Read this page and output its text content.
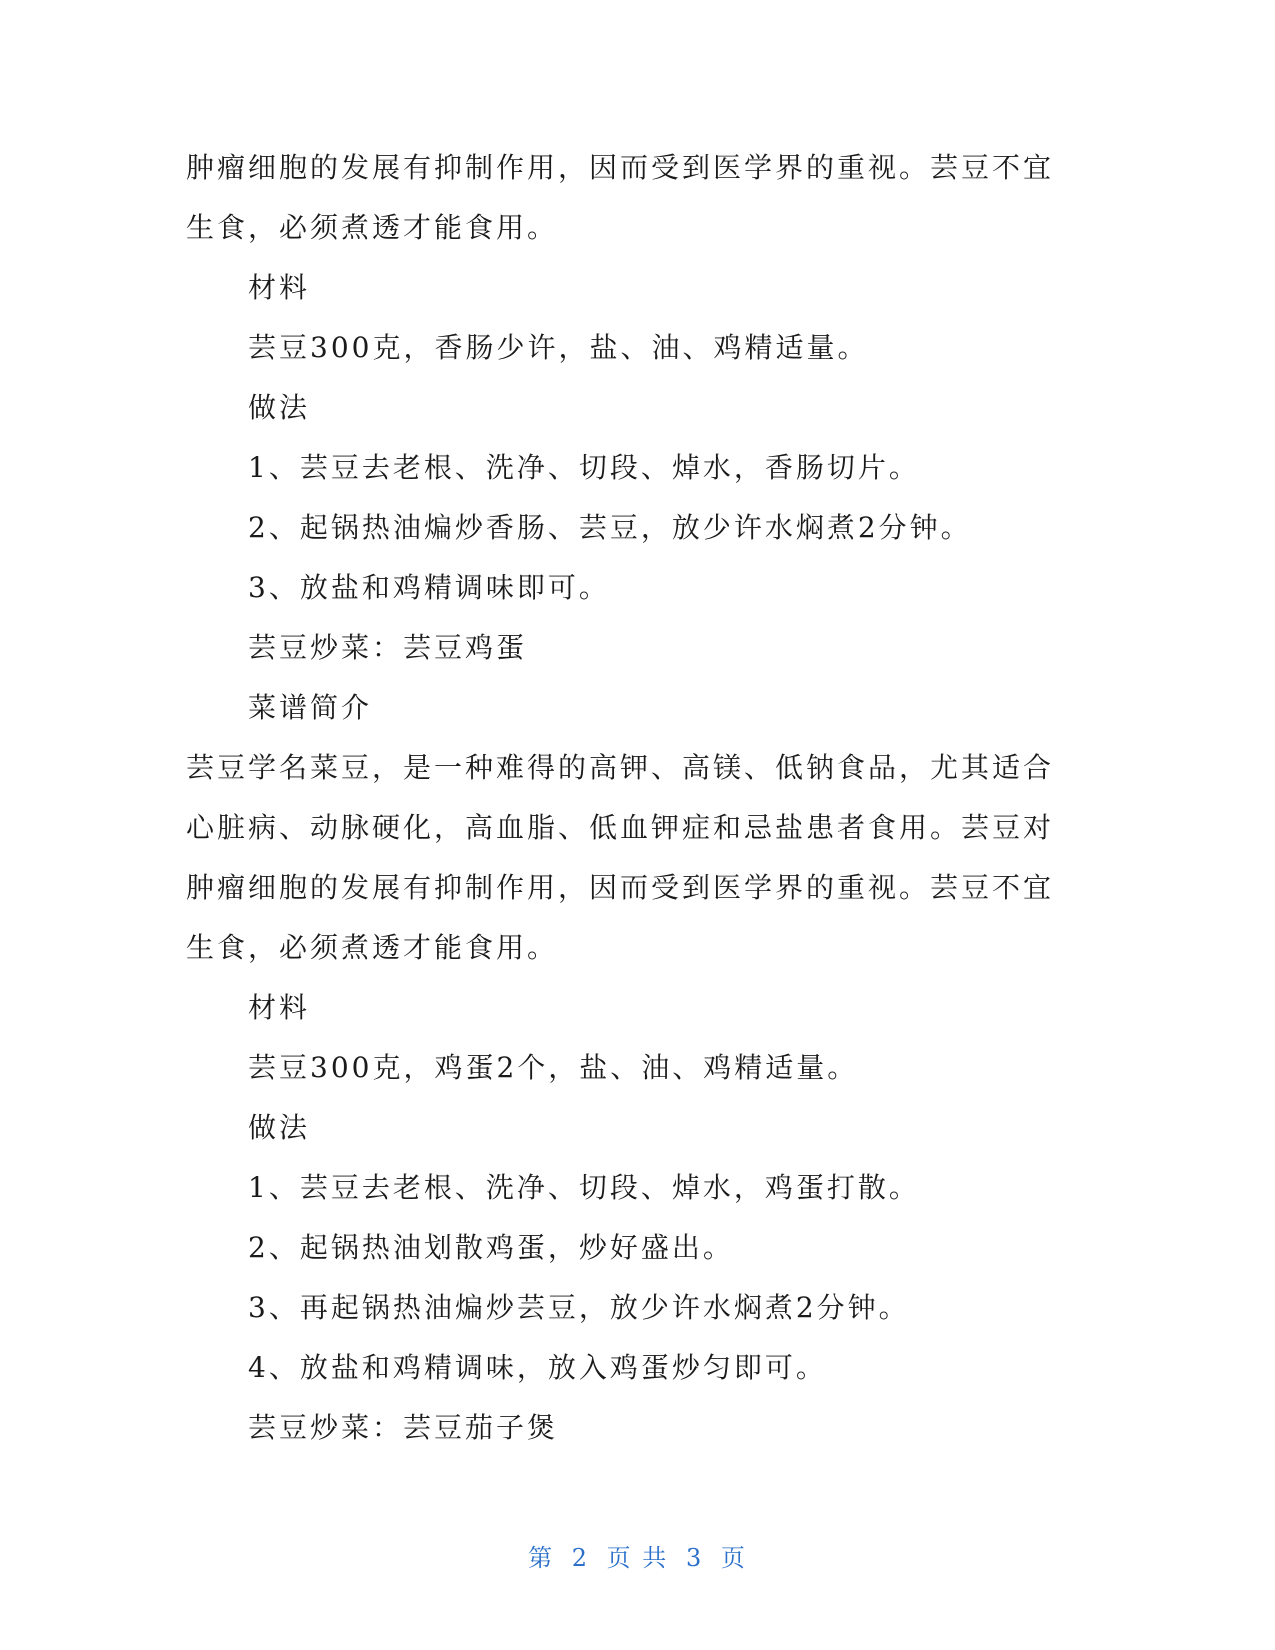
肿瘤细胞的发展有抑制作用，因而受到医学界的重视。芸豆不宜
生食，必须煮透才能食用。
材料
芸豆300克，香肠少许，盐、油、鸡精适量。
做法
1、芸豆去老根、洗净、切段、焯水，香肠切片。
2、起锅热油煸炒香肠、芸豆，放少许水焖煮2分钟。
3、放盐和鸡精调味即可。
芸豆炒菜：芸豆鸡蛋
菜谱简介
芸豆学名菜豆，是一种难得的高钾、高镁、低钠食品，尤其适合
心脏病、动脉硬化，高血脂、低血钾症和忌盐患者食用。芸豆对
肿瘤细胞的发展有抑制作用，因而受到医学界的重视。芸豆不宜
生食，必须煮透才能食用。
材料
芸豆300克，鸡蛋2个，盐、油、鸡精适量。
做法
1、芸豆去老根、洗净、切段、焯水，鸡蛋打散。
2、起锅热油划散鸡蛋，炒好盛出。
3、再起锅热油煸炒芸豆，放少许水焖煮2分钟。
4、放盐和鸡精调味，放入鸡蛋炒匀即可。
芸豆炒菜：芸豆茄子煲
第 2 页 共 3 页
